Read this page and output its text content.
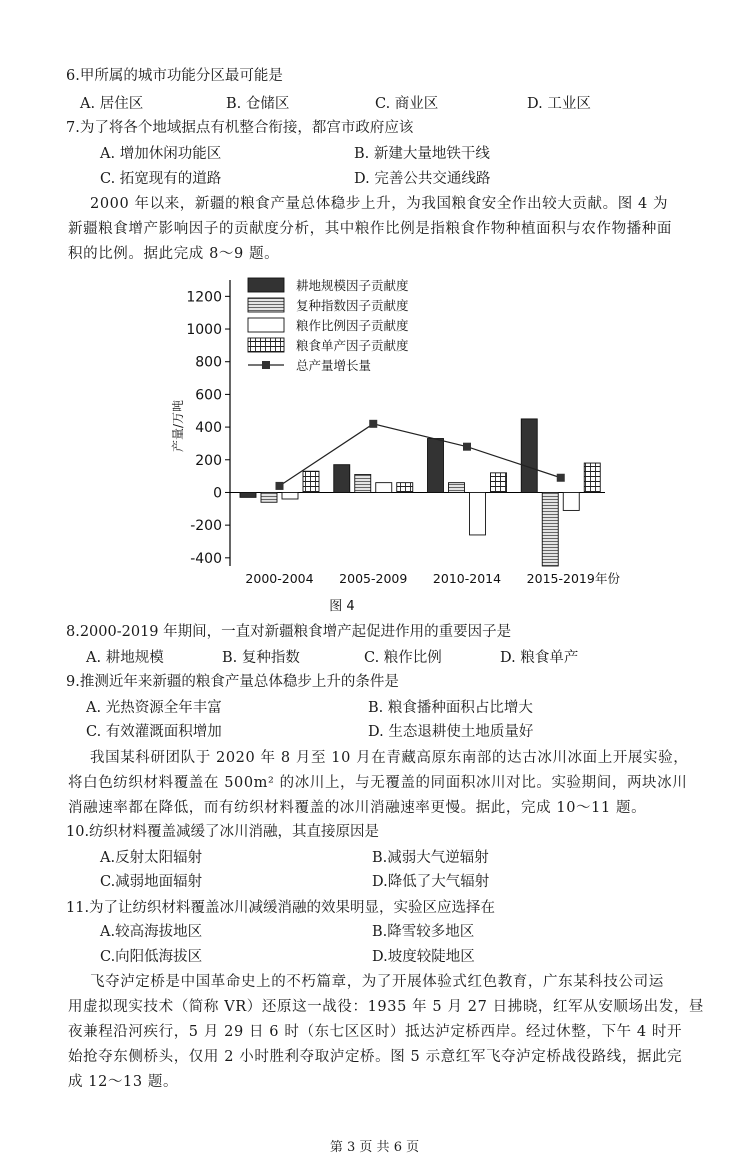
6.甲所属的城市功能分区最可能是
A. 居住区	B. 仓储区	C. 商业区	D. 工业区
7.为了将各个地域据点有机整合衔接，都宫市政府应该
A. 增加休闲功能区	B. 新建大量地铁干线
C. 拓宽现有的道路	D. 完善公共交通线路
2000 年以来，新疆的粮食产量总体稳步上升，为我国粮食安全作出较大贡献。图 4 为
新疆粮食增产影响因子的贡献度分析，其中粮作比例是指粮食作物种植面积与农作物播种面
积的比例。据此完成 8～9 题。
-400
-200
0
200
400
600
800
1000
1200
产量/万吨
2000-2004 2005-2009 2010-2014 2015-2019 年份
耕地规模因子贡献度
复种指数因子贡献度
粮作比例因子贡献度
粮食单产因子贡献度
总产量增长量
图 4
8.2000-2019 年期间，一直对新疆粮食增产起促进作用的重要因子是
A. 耕地规模	B. 复种指数	C. 粮作比例	D. 粮食单产
9.推测近年来新疆的粮食产量总体稳步上升的条件是
A. 光热资源全年丰富	B. 粮食播种面积占比增大
C. 有效灌溉面积增加	D. 生态退耕使土地质量好
我国某科研团队于 2020 年 8 月至 10 月在青藏高原东南部的达古冰川冰面上开展实验，
将白色纺织材料覆盖在 500m² 的冰川上，与无覆盖的同面积冰川对比。实验期间，两块冰川
消融速率都在降低，而有纺织材料覆盖的冰川消融速率更慢。据此，完成 10～11 题。
10.纺织材料覆盖减缓了冰川消融，其直接原因是
A.反射太阳辐射	B.减弱大气逆辐射
C.减弱地面辐射	D.降低了大气辐射
11.为了让纺织材料覆盖冰川减缓消融的效果明显，实验区应选择在
A.较高海拔地区	B.降雪较多地区
C.向阳低海拔区	D.坡度较陡地区
飞夺泸定桥是中国革命史上的不朽篇章，为了开展体验式红色教育，广东某科技公司运
用虚拟现实技术（简称 VR）还原这一战役：1935 年 5 月 27 日拂晓，红军从安顺场出发，昼
夜兼程沿河疾行，5 月 29 日 6 时（东七区区时）抵达泸定桥西岸。经过休整，下午 4 时开
始抢夺东侧桥头，仅用 2 小时胜利夺取泸定桥。图 5 示意红军飞夺泸定桥战役路线，据此完
成 12～13 题。
第 3 页 共 6 页
